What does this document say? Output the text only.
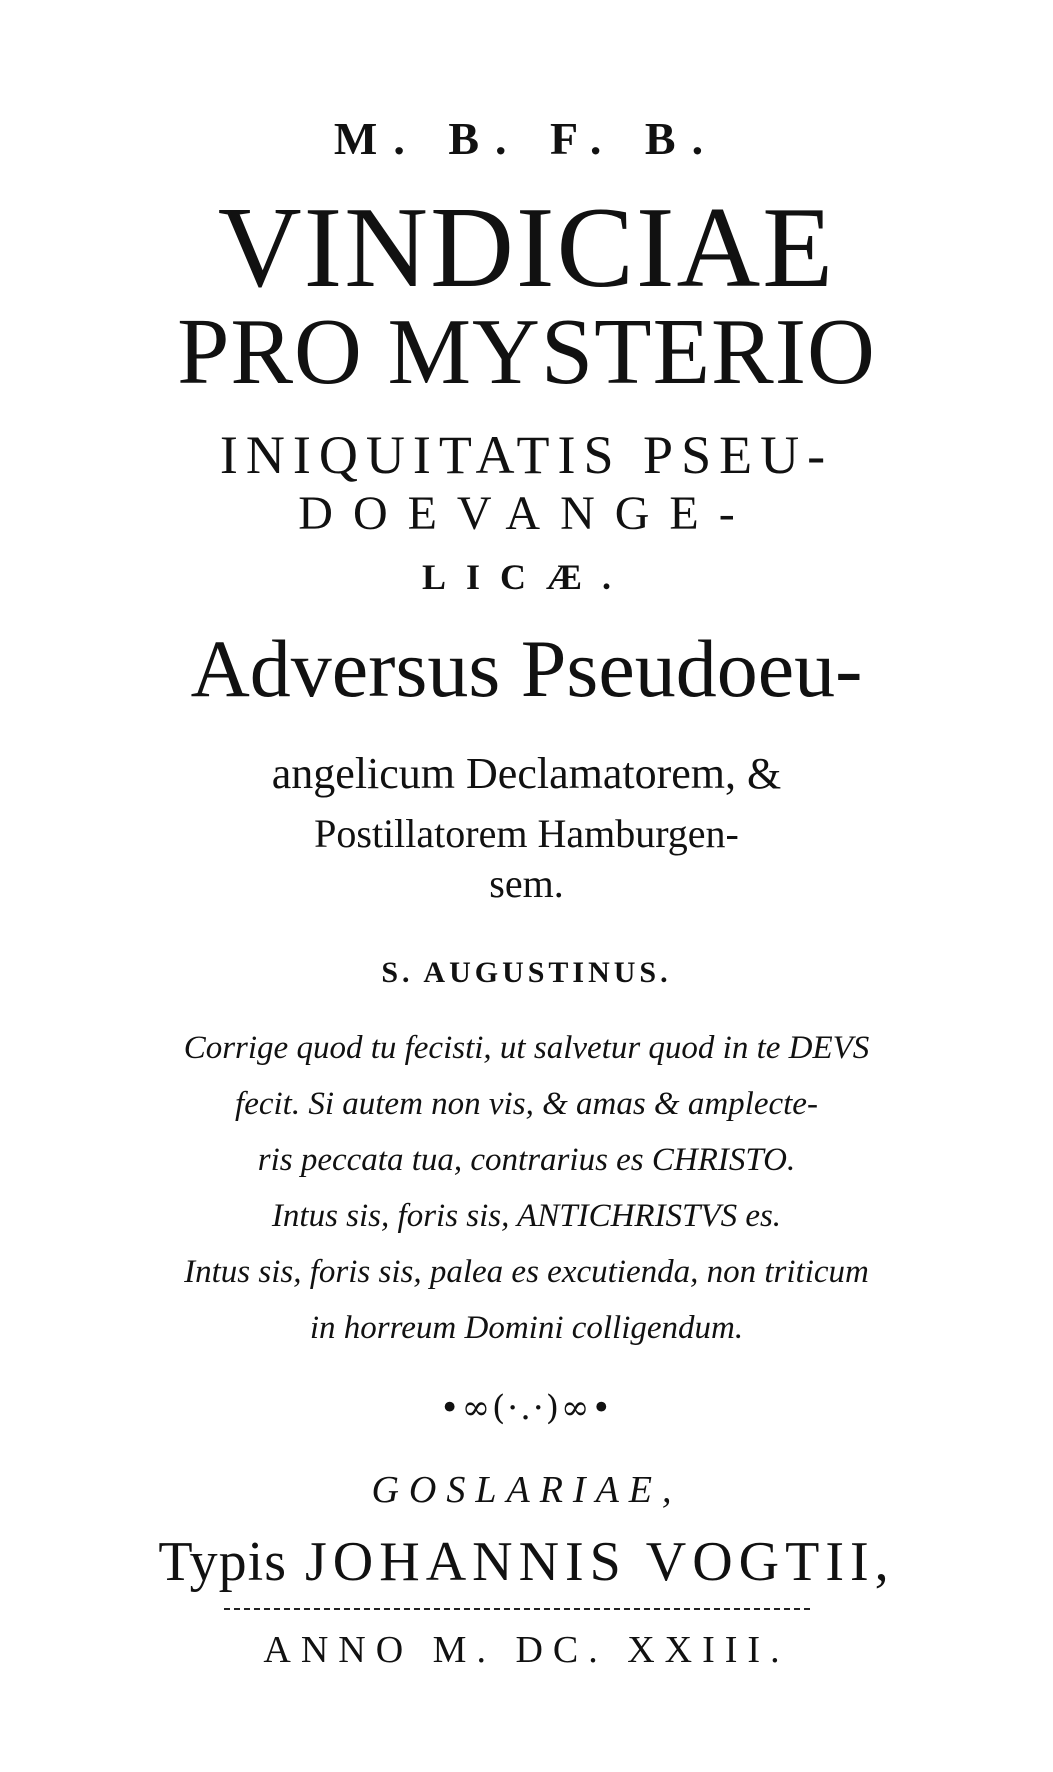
M. B. F. B.
VINDICIAE
PRO MYSTERIO
INIQUITATIS PSEU-
DOEVANGE-
LICÆ.
Adversus Pseudoeu-
angelicum Declamatorem, &
Postillatorem Hamburgen-
sem.
S. AUGUSTINUS.
Corrige quod tu fecisti, ut salvetur quod in te DEVS
fecit. Si autem non vis, & amas & amplecte-
ris peccata tua, contrarius es CHRISTO.
Intus sis, foris sis, ANTICHRISTVS es.
Intus sis, foris sis, palea es excutienda, non triticum
in horreum Domini colligendum.
•∞(·.·)∞•
GOSLARIAE,
Typis JOHANNIS VOGTII,
ANNO M. DC. XXIII.
